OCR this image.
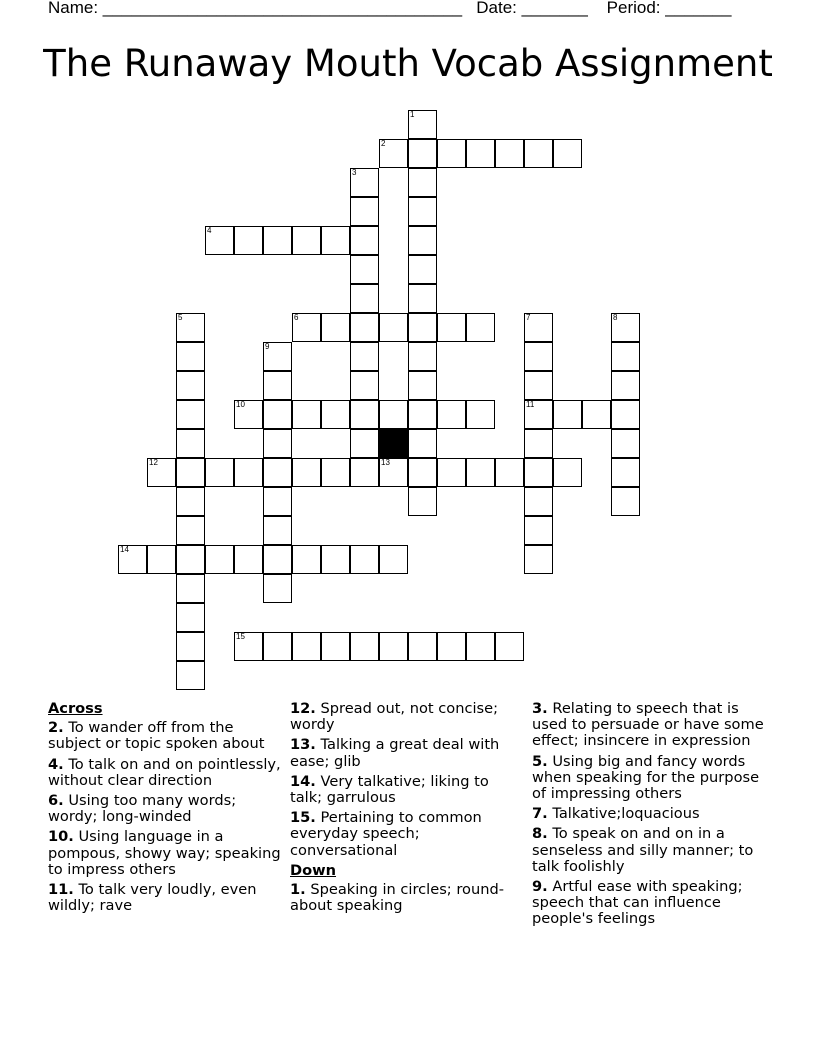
Name: ______________________________________   Date: _______    Period: _______
The Runaway Mouth Vocab Assignment
1
2
3
4
5	6	7
11
8
9
10
12	13
14
15
Across
2. To wander off from the subject or topic spoken about
4. To talk on and on pointlessly, without clear direction
6. Using too many words; wordy; long-winded
10. Using language in a pompous, showy way; speaking to impress others
11. To talk very loudly, even wildly; rave
12. Spread out, not concise; wordy
13. Talking a great deal with ease; glib
14. Very talkative; liking to talk; garrulous
15. Pertaining to common everyday speech; conversational
Down
1. Speaking in circles; round-about speaking
3. Relating to speech that is used to persuade or have some effect; insincere in expression
5. Using big and fancy words when speaking for the purpose of impressing others
7. Talkative;loquacious
8. To speak on and on in a senseless and silly manner; to talk foolishly
9. Artful ease with speaking; speech that can influence people's feelings
